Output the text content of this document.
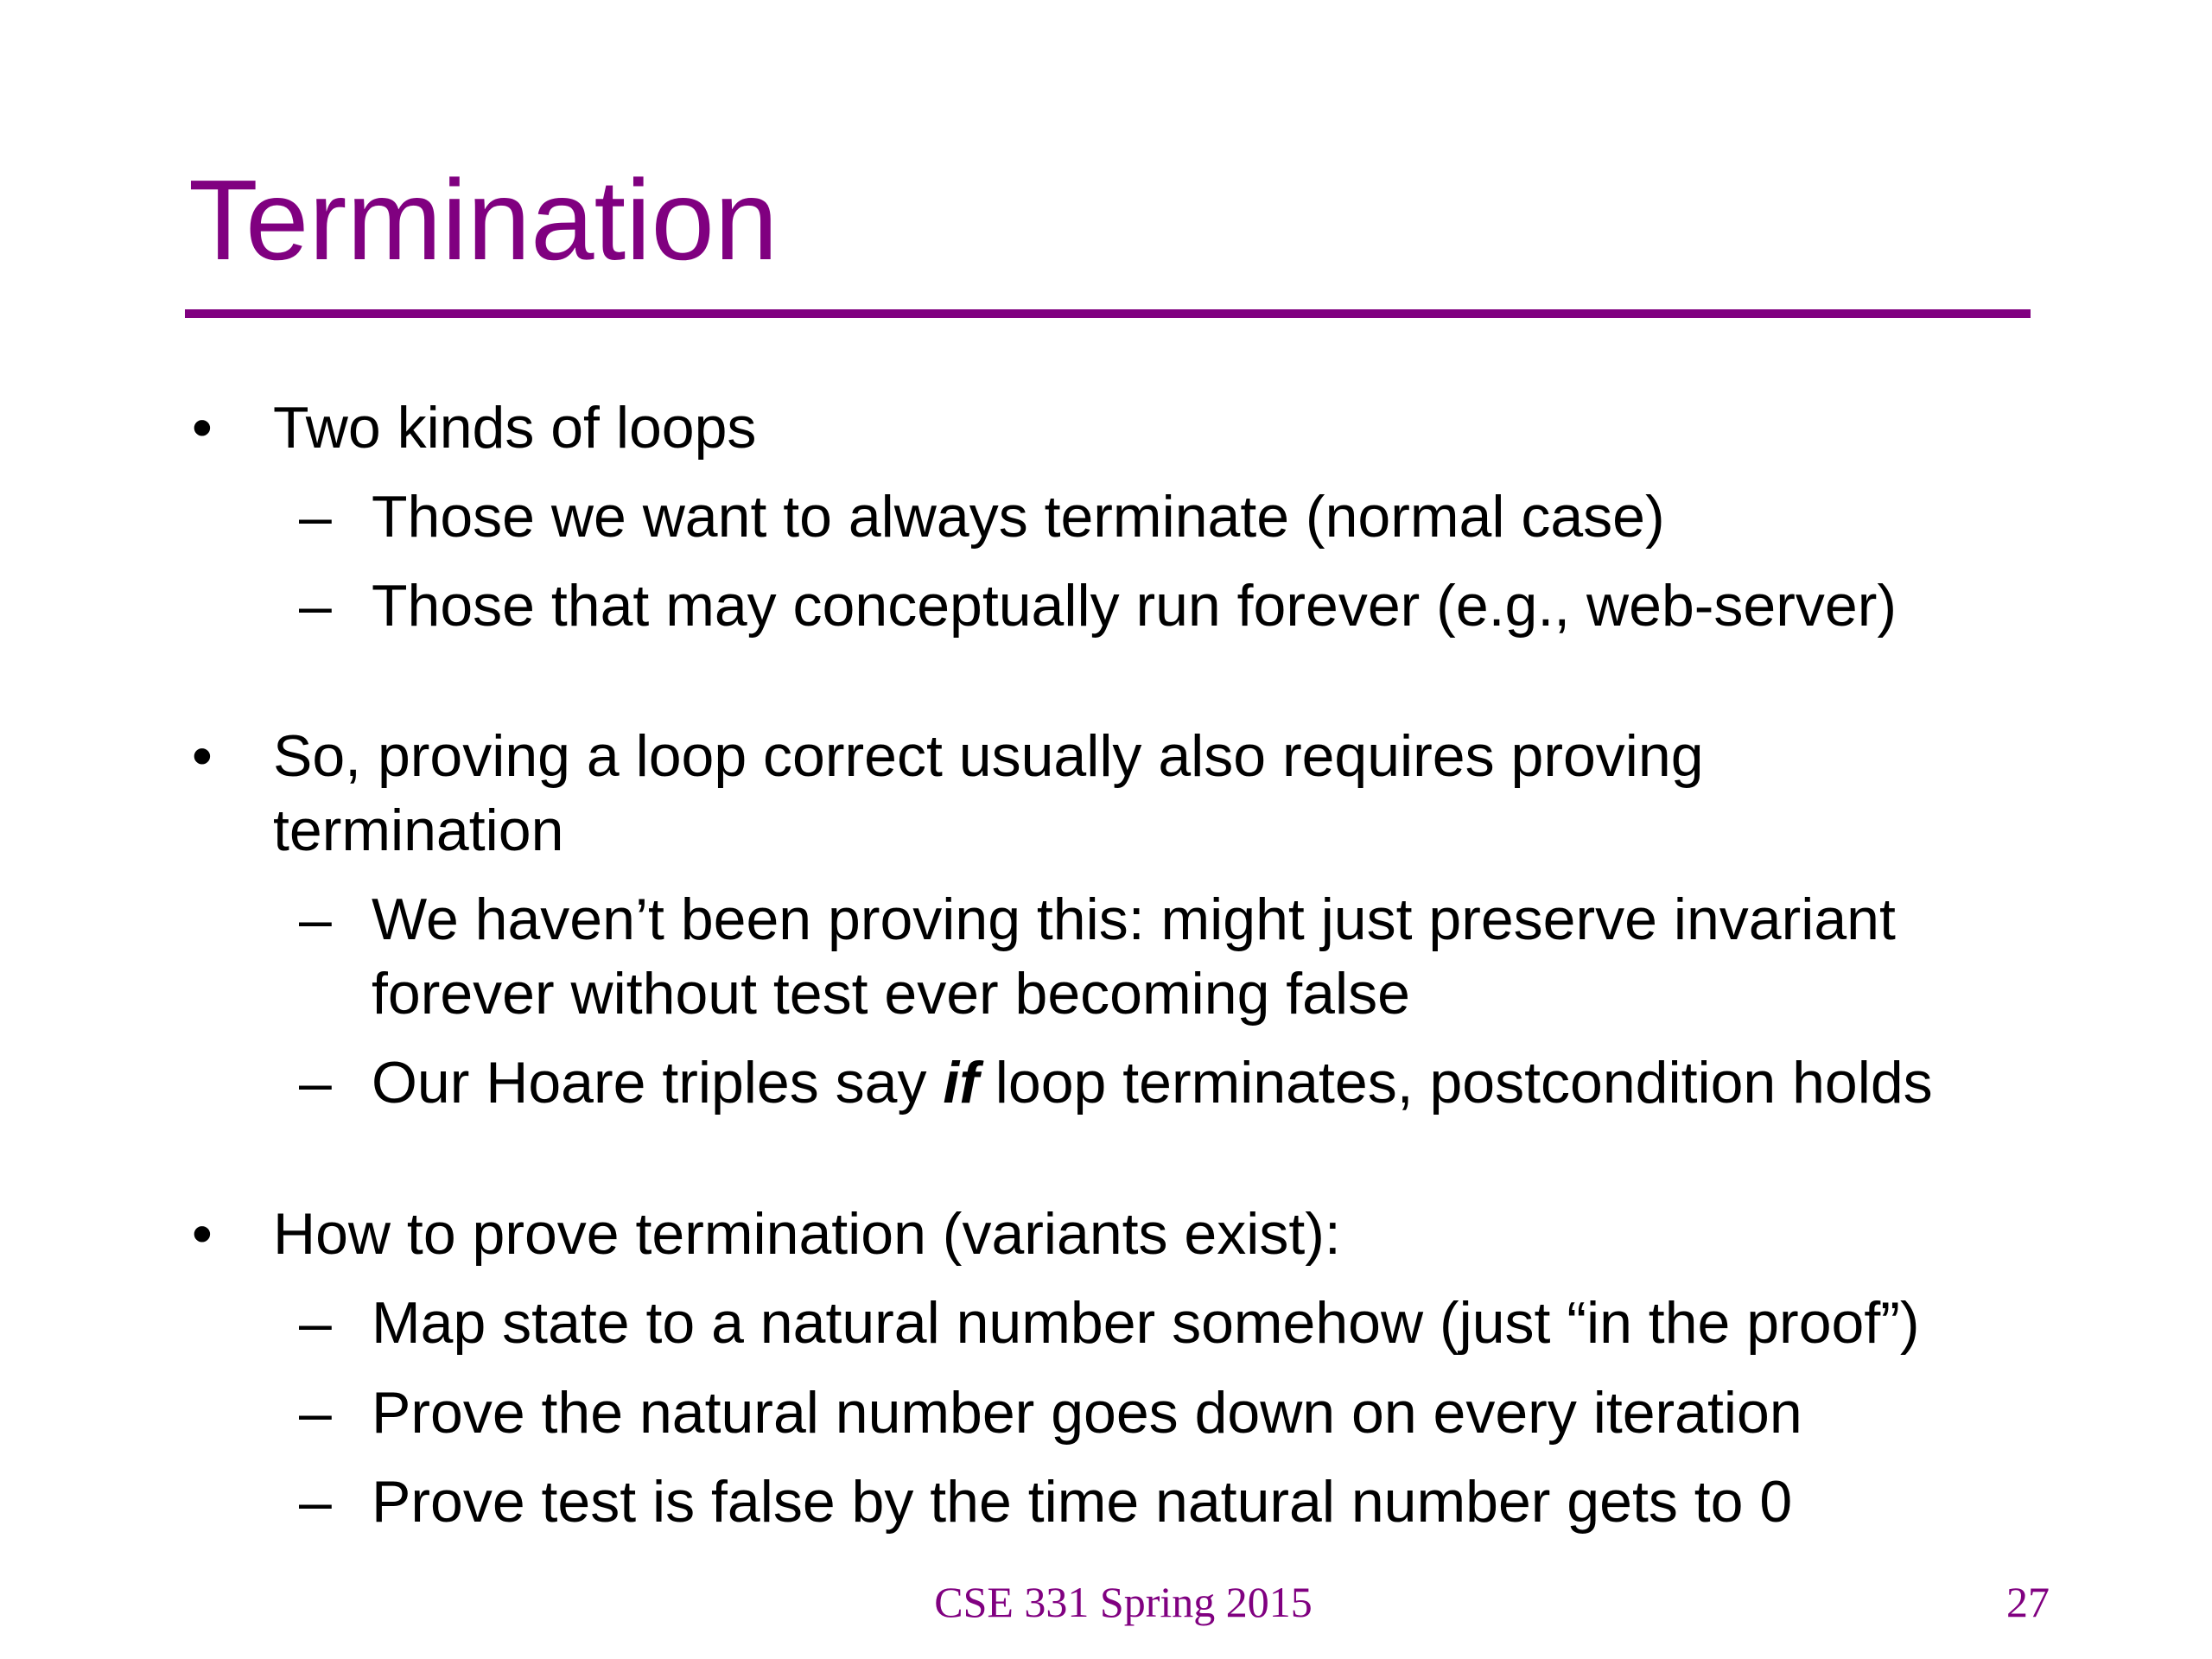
Termination
• Two kinds of loops
– Those we want to always terminate (normal case)
– Those that may conceptually run forever (e.g., web-server)
• So, proving a loop correct usually also requires proving
termination
– We haven’t been proving this: might just preserve invariant
forever without test ever becoming false
– Our Hoare triples say if loop terminates, postcondition holds
• How to prove termination (variants exist):
– Map state to a natural number somehow (just “in the proof”)
– Prove the natural number goes down on every iteration
– Prove test is false by the time natural number gets to 0
CSE 331 Spring 2015	27
